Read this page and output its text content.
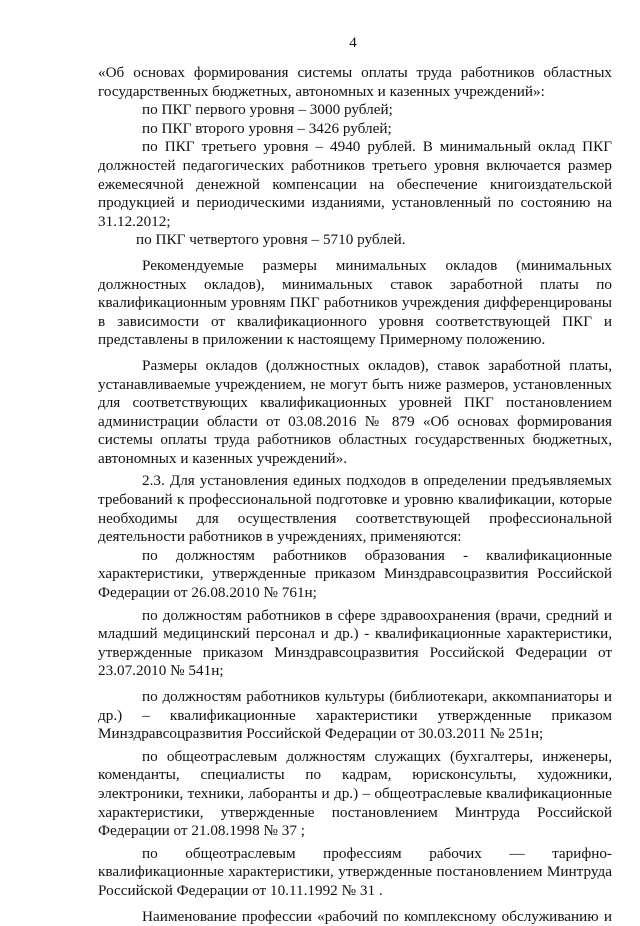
4

«Об основах формирования системы оплаты труда работников областных государственных бюджетных, автономных и казенных учреждений»:

по ПКГ первого уровня – 3000 рублей;

по ПКГ второго уровня – 3426 рублей;

по ПКГ третьего уровня – 4940 рублей. В минимальный оклад ПКГ должностей педагогических работников третьего уровня включается размер ежемесячной денежной компенсации на обеспечение книгоиздательской продукцией и периодическими изданиями, установленный по состоянию на 31.12.2012;

по ПКГ четвертого уровня – 5710 рублей.

Рекомендуемые размеры минимальных окладов (минимальных должностных окладов), минимальных ставок заработной платы по квалификационным уровням ПКГ работников учреждения дифференцированы в зависимости от квалификационного уровня соответствующей ПКГ и представлены в приложении к настоящему Примерному положению.

Размеры окладов (должностных окладов), ставок заработной платы, устанавливаемые учреждением, не могут быть ниже размеров, установленных для соответствующих квалификационных уровней ПКГ постановлением администрации области от 03.08.2016 № 879 «Об основах формирования системы оплаты труда работников областных государственных бюджетных, автономных и казенных учреждений».

2.3. Для установления единых подходов в определении предъявляемых требований к профессиональной подготовке и уровню квалификации, которые необходимы для осуществления соответствующей профессиональной деятельности работников в учреждениях, применяются:

по должностям работников образования - квалификационные характеристики, утвержденные приказом Минздравсоцразвития Российской Федерации от 26.08.2010 № 761н;

по должностям работников в сфере здравоохранения (врачи, средний и младший медицинский персонал и др.) - квалификационные характеристики, утвержденные приказом Минздравсоцразвития Российской Федерации от 23.07.2010 № 541н;

по должностям работников культуры (библиотекари, аккомпаниаторы и др.) – квалификационные характеристики утвержденные приказом Минздравсоцразвития Российской Федерации от 30.03.2011 № 251н;

по общеотраслевым должностям служащих (бухгалтеры, инженеры, коменданты, специалисты по кадрам, юрисконсульты, художники, электроники, техники, лаборанты и др.) – общеотраслевые квалификационные характеристики, утвержденные постановлением Минтруда Российской Федерации от 21.08.1998 № 37 ;

по общеотраслевым профессиям рабочих — тарифно-квалификационные характеристики, утвержденные постановлением Минтруда Российской Федерации от 10.11.1992 № 31 .

Наименование профессии «рабочий по комплексному обслуживанию и
